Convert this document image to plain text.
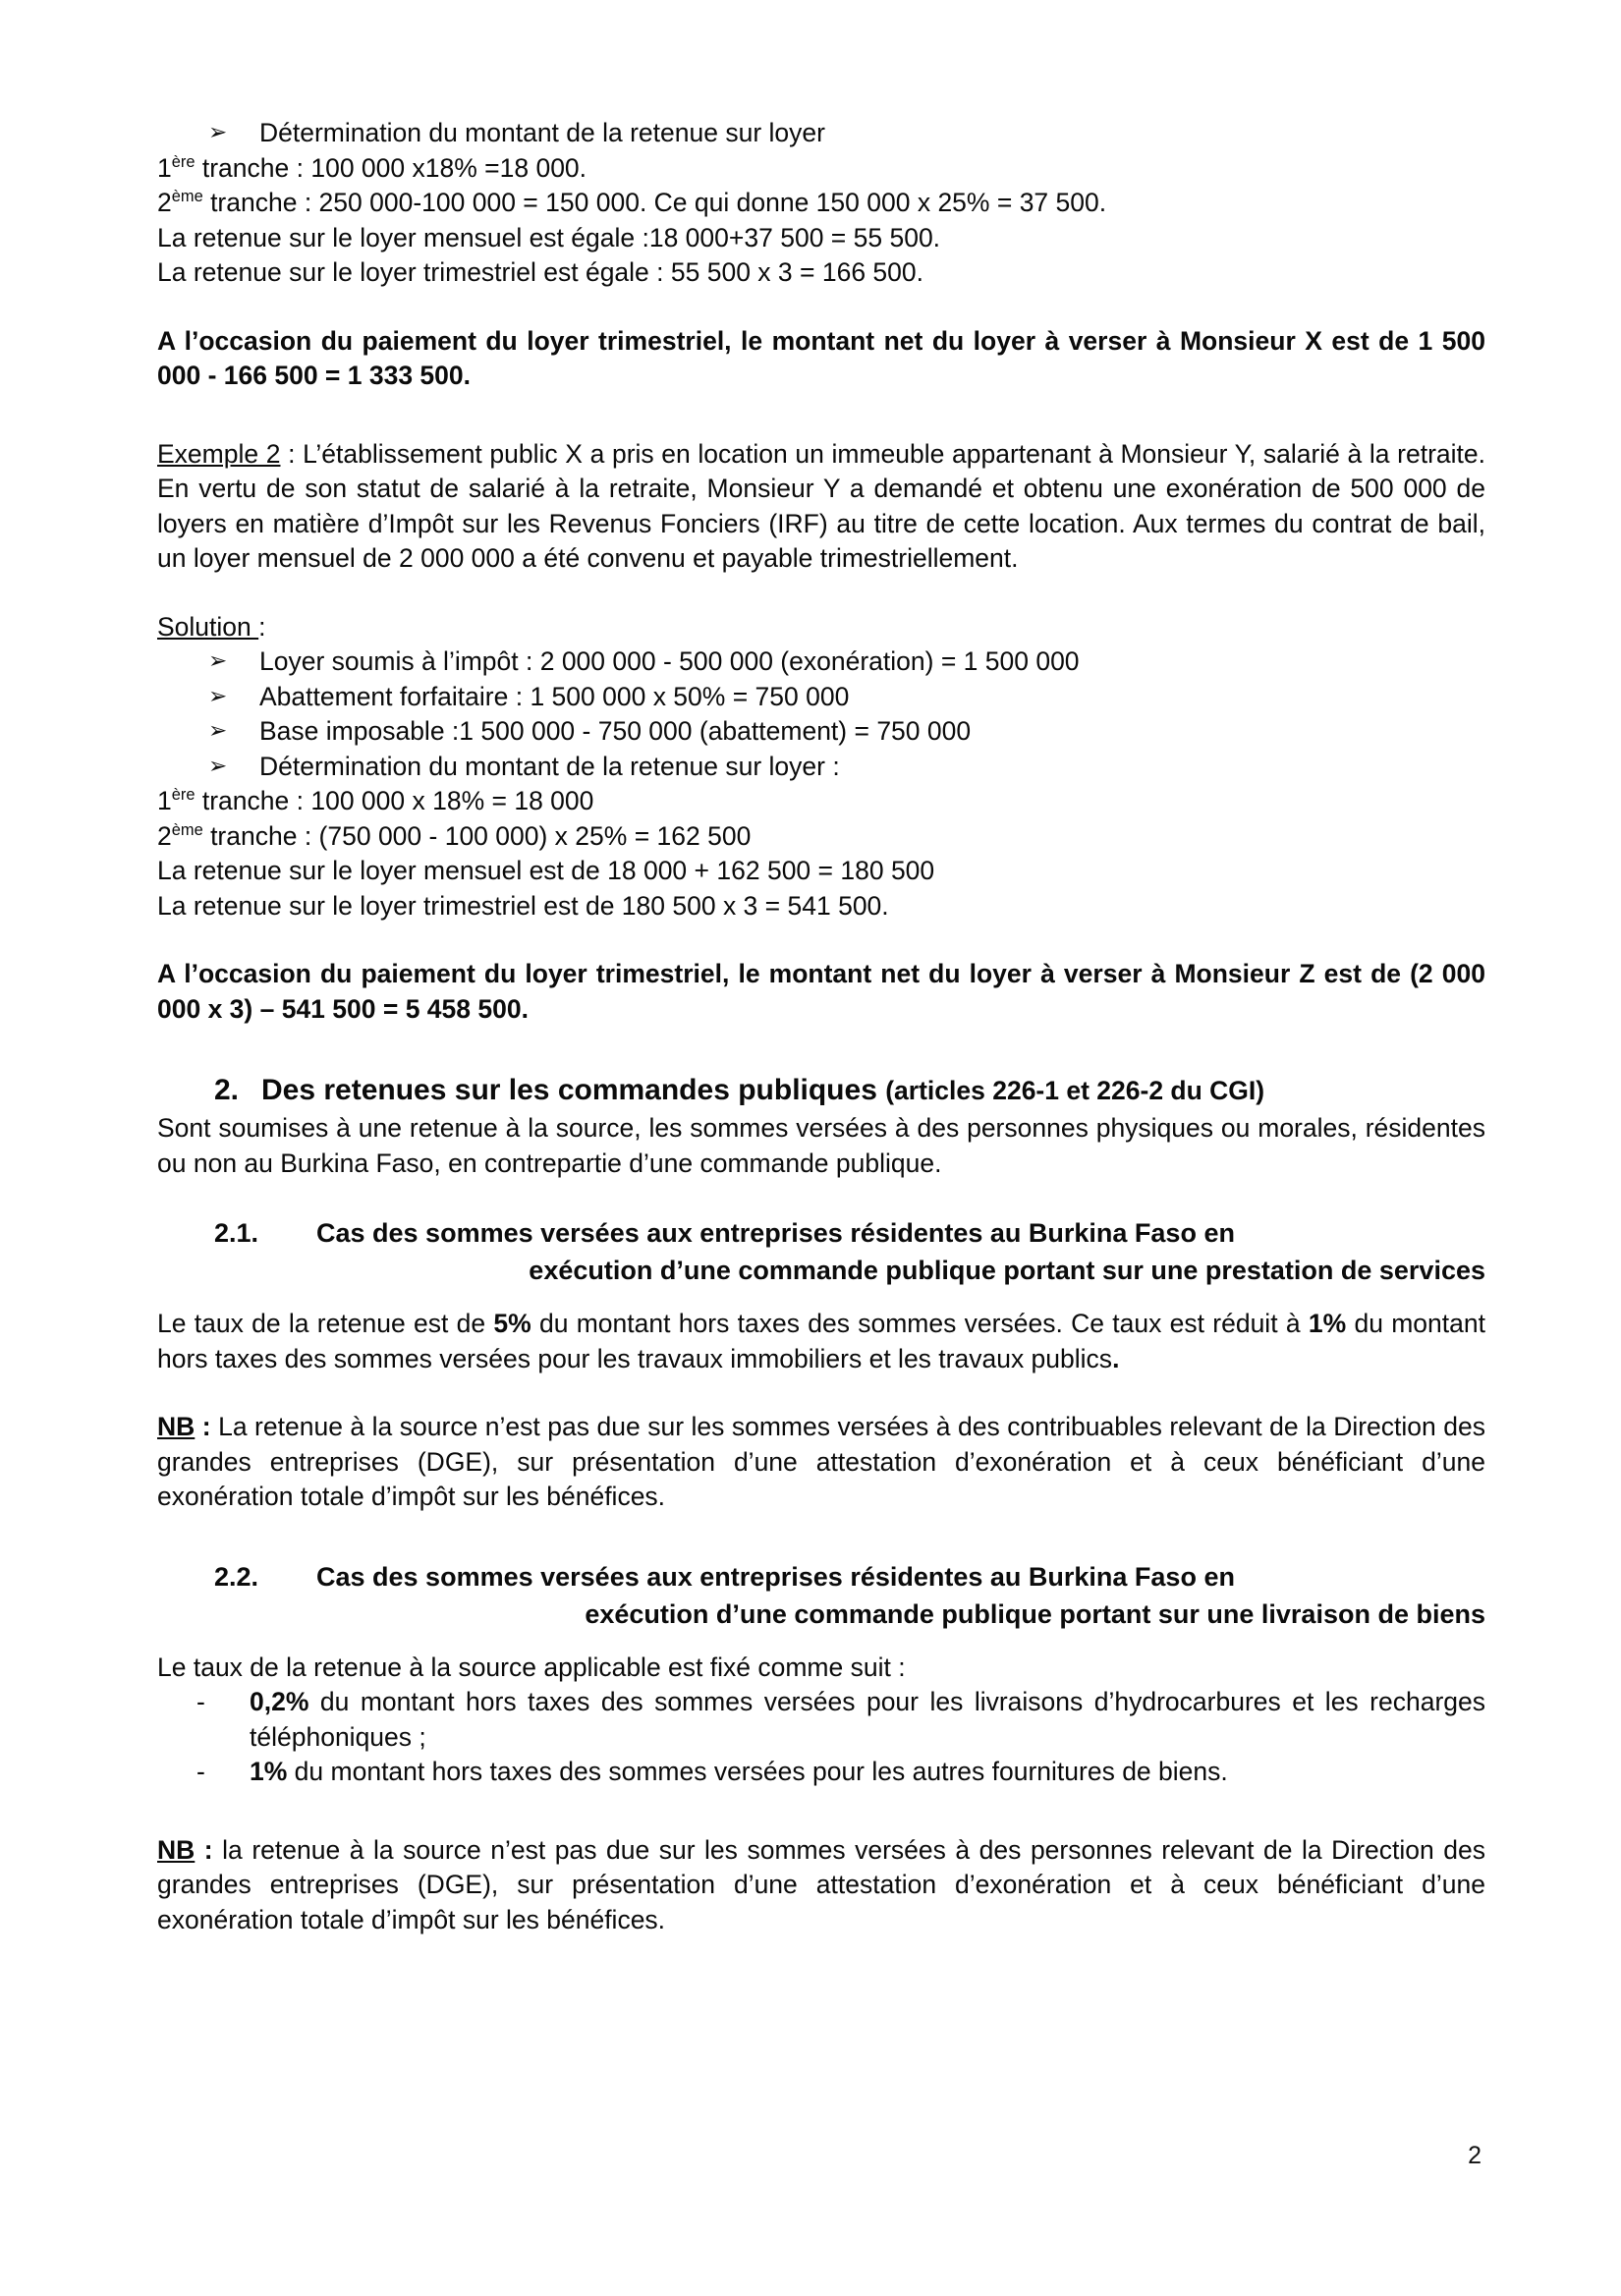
➢	Détermination du montant de la retenue sur loyer
1ère tranche : 100 000 x18% =18 000.
2ème tranche : 250 000-100 000 = 150 000. Ce qui donne 150 000 x 25% = 37 500.
La retenue sur le loyer mensuel est égale :18 000+37 500 = 55 500.
La retenue sur le loyer trimestriel est égale : 55 500 x 3 = 166 500.

A l’occasion du paiement du loyer trimestriel, le montant net du loyer à verser à Monsieur X est de 1 500 000 - 166 500 = 1 333 500.

Exemple 2 : L’établissement public X a pris en location un immeuble appartenant à Monsieur Y, salarié à la retraite. En vertu de son statut de salarié à la retraite, Monsieur Y a demandé et obtenu une exonération de 500 000 de loyers en matière d’Impôt sur les Revenus Fonciers (IRF) au titre de cette location. Aux termes du contrat de bail, un loyer mensuel de 2 000 000 a été convenu et payable trimestriellement.

Solution :
➢	Loyer soumis à l’impôt : 2 000 000 - 500 000 (exonération) = 1 500 000
➢	Abattement forfaitaire : 1 500 000 x 50% = 750 000
➢	Base imposable :1 500 000 - 750 000 (abattement) = 750 000
➢	Détermination du montant de la retenue sur loyer :
1ère tranche : 100 000 x 18% = 18 000
2ème tranche : (750 000 - 100 000) x 25% = 162 500
La retenue sur le loyer mensuel est de 18 000 + 162 500 = 180 500
La retenue sur le loyer trimestriel est de 180 500 x 3 = 541 500.

A l’occasion du paiement du loyer trimestriel, le montant net du loyer à verser à Monsieur Z est de (2 000 000 x 3) – 541 500 = 5 458 500.

2. Des retenues sur les commandes publiques (articles 226-1 et 226-2 du CGI)

Sont soumises à une retenue à la source, les sommes versées à des personnes physiques ou morales, résidentes ou non au Burkina Faso, en contrepartie d’une commande publique.

2.1.	Cas des sommes versées aux entreprises résidentes au Burkina Faso en
exécution d’une commande publique portant sur une prestation de services

Le taux de la retenue est de 5% du montant hors taxes des sommes versées. Ce taux est réduit à 1% du montant hors taxes des sommes versées pour les travaux immobiliers et les travaux publics.

NB : La retenue à la source n’est pas due sur les sommes versées à des contribuables relevant de la Direction des grandes entreprises (DGE), sur présentation d’une attestation d’exonération et à ceux bénéficiant d’une exonération totale d’impôt sur les bénéfices.

2.2.	Cas des sommes versées aux entreprises résidentes au Burkina Faso en
exécution d’une commande publique portant sur une livraison de biens

Le taux de la retenue à la source applicable est fixé comme suit :

-	0,2% du montant hors taxes des sommes versées pour les livraisons d’hydrocarbures et les recharges téléphoniques ;
-	1% du montant hors taxes des sommes versées pour les autres fournitures de biens.

NB : la retenue à la source n’est pas due sur les sommes versées à des personnes relevant de la Direction des grandes entreprises (DGE), sur présentation d’une attestation d’exonération et à ceux bénéficiant d’une exonération totale d’impôt sur les bénéfices.

2
